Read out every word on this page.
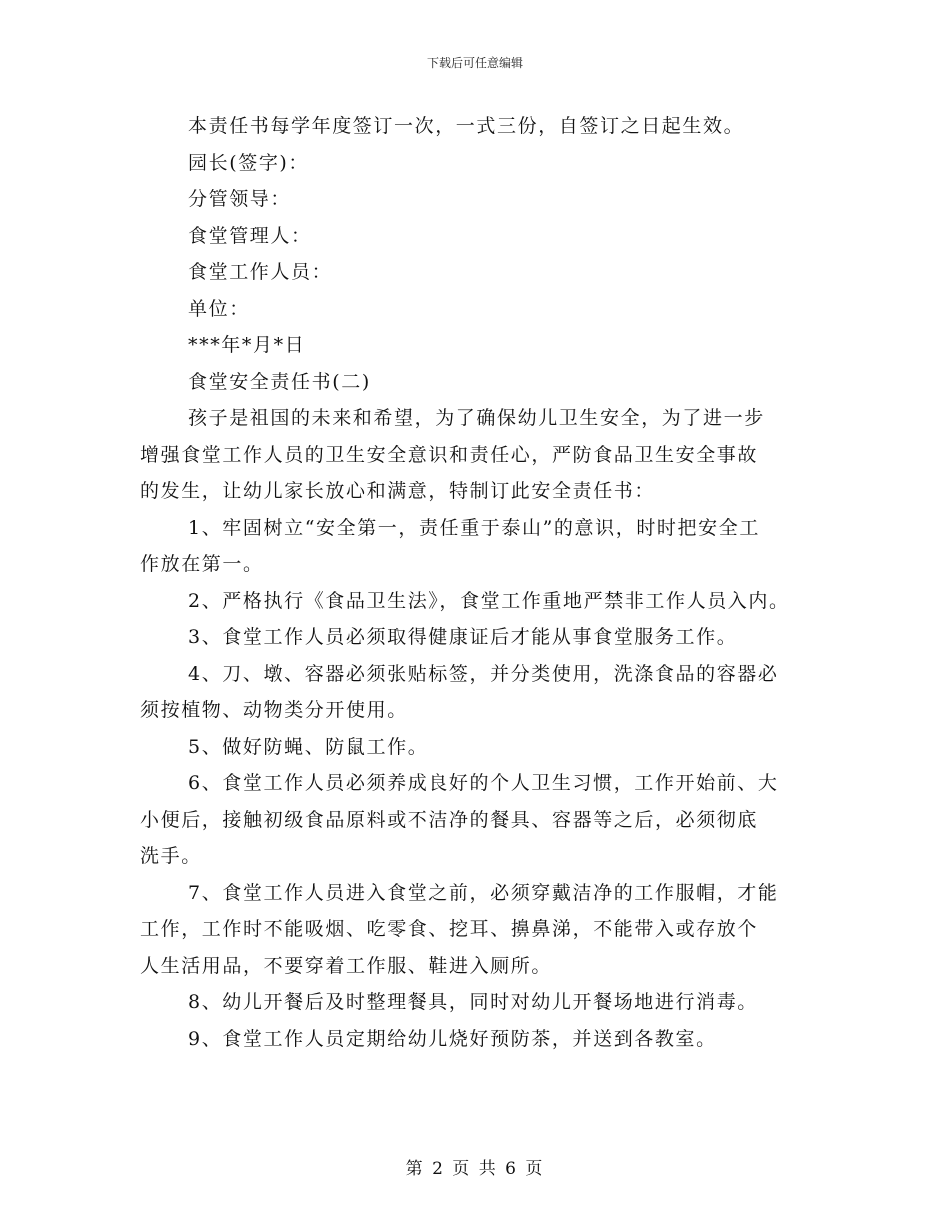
下载后可任意编辑

本责任书每学年度签订一次，一式三份，自签订之日起生效。

园长(签字)：

分管领导：

食堂管理人：

食堂工作人员：

单位：

***年*月*日

食堂安全责任书(二)

孩子是祖国的未来和希望，为了确保幼儿卫生安全，为了进一步

增强食堂工作人员的卫生安全意识和责任心，严防食品卫生安全事故

的发生，让幼儿家长放心和满意，特制订此安全责任书：

1、牢固树立“安全第一，责任重于泰山”的意识，时时把安全工

作放在第一。

2、严格执行《食品卫生法》，食堂工作重地严禁非工作人员入内。

3、食堂工作人员必须取得健康证后才能从事食堂服务工作。

4、刀、墩、容器必须张贴标签，并分类使用，洗涤食品的容器必

须按植物、动物类分开使用。

5、做好防蝇、防鼠工作。

6、食堂工作人员必须养成良好的个人卫生习惯，工作开始前、大

小便后，接触初级食品原料或不洁净的餐具、容器等之后，必须彻底

洗手。

7、食堂工作人员进入食堂之前，必须穿戴洁净的工作服帽，才能

工作，工作时不能吸烟、吃零食、挖耳、擤鼻涕，不能带入或存放个

人生活用品，不要穿着工作服、鞋进入厕所。

8、幼儿开餐后及时整理餐具，同时对幼儿开餐场地进行消毒。

9、食堂工作人员定期给幼儿烧好预防茶，并送到各教室。

第 2 页 共 6 页
